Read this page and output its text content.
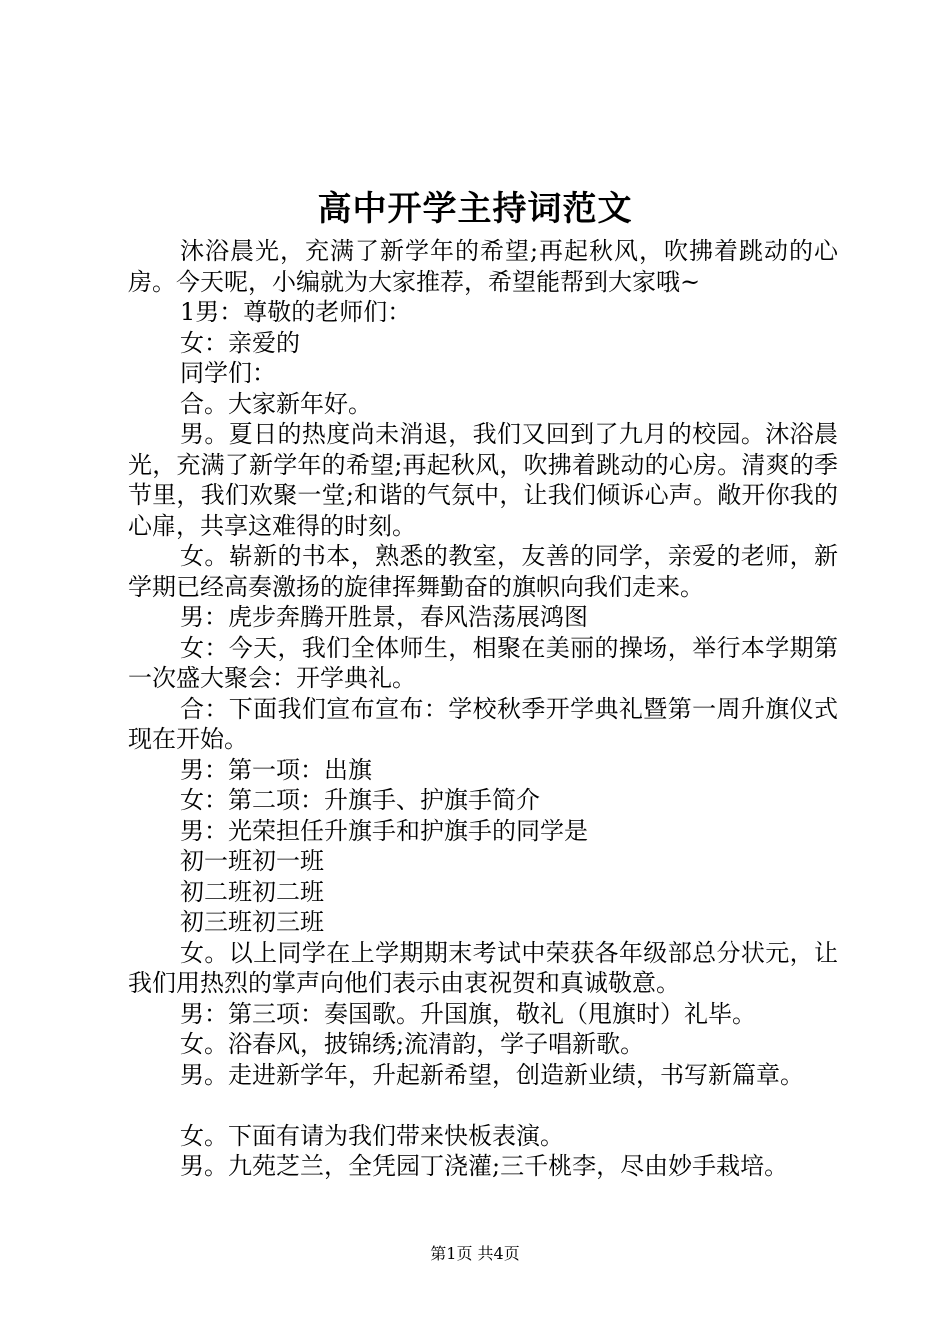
高中开学主持词范文

沐浴晨光，充满了新学年的希望;再起秋风，吹拂着跳动的心房。今天呢，小编就为大家推荐，希望能帮到大家哦~

1男：尊敬的老师们：

女：亲爱的

同学们：

合。大家新年好。

男。夏日的热度尚未消退，我们又回到了九月的校园。沐浴晨光，充满了新学年的希望;再起秋风，吹拂着跳动的心房。清爽的季节里，我们欢聚一堂;和谐的气氛中，让我们倾诉心声。敞开你我的心扉，共享这难得的时刻。

女。崭新的书本，熟悉的教室，友善的同学，亲爱的老师，新学期已经高奏激扬的旋律挥舞勤奋的旗帜向我们走来。

男：虎步奔腾开胜景，春风浩荡展鸿图

女：今天，我们全体师生，相聚在美丽的操场，举行本学期第一次盛大聚会：开学典礼。

合：下面我们宣布宣布：学校秋季开学典礼暨第一周升旗仪式现在开始。

男：第一项：出旗

女：第二项：升旗手、护旗手简介

男：光荣担任升旗手和护旗手的同学是

初一班初一班

初二班初二班

初三班初三班

女。以上同学在上学期期末考试中荣获各年级部总分状元，让我们用热烈的掌声向他们表示由衷祝贺和真诚敬意。

男：第三项：奏国歌。升国旗，敬礼（甩旗时）礼毕。

女。浴春风，披锦绣;流清韵，学子唱新歌。

男。走进新学年，升起新希望，创造新业绩，书写新篇章。

女。下面有请为我们带来快板表演。

男。九苑芝兰，全凭园丁浇灌;三千桃李，尽由妙手栽培。

第1页 共4页
